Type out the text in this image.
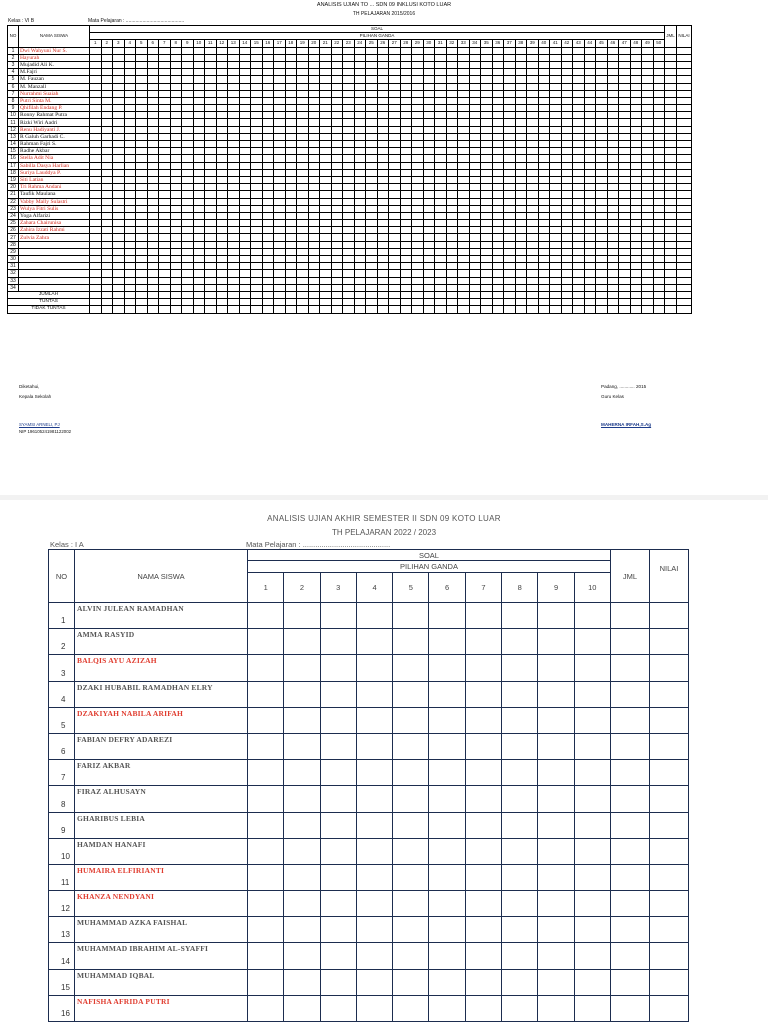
ANALISIS UJIAN TO ... SDN 09 INKLUSI KOTO LUAR
TH PELAJARAN 2015/2016
Kelas : VI B	Mata Pelajaran : ..........................................
NO	NAMA SISWA	SOAL																																																		JML	NILAI
		PILIHAN GANDA																																																			
		1	2	3	4	5	6	7	8	9	10	11	12	13	14	15	16	17	18	19	20	21	22	23	24	25	26	27	28	29	30	31	32	33	34	35	36	37	38	39	40	41	42	43	44	45	46	47	48	49	50		
1	Dwi Wahyuni Nur S.																																																				
2	Hayurah																																																				
3	Mujadid Ali K.																																																				
4	M.Fajri																																																				
5	M. Fauzan																																																				
6	M. Manzall																																																				
7	Nurrahmi Suaiah																																																				
8	Putri Sinta M.																																																				
9	Qhifilah Endang P.																																																				
10	Ronny Rahmat Putra																																																				
11	Rizki Wiri Aadri																																																				
12	Renu Hadiyanti J.																																																				
13	R Galuh Garhadi C.																																																				
14	Rahman Fajri S.																																																				
15	Radhe Akbar																																																				
16	Stella Adit Nia																																																				
17	Sabilla Dasya Harlian																																																				
18	Suriya Lauddya P.																																																				
19	Siti Latian																																																				
20	Tri Rahma Andani																																																				
21	Taufik Maulana																																																				
22	Vabby Mally Sulastri																																																				
23	Wulya Fitri Sulis																																																				
24	Yoga Alfarizi																																																				
25	Zahara Chairunisa																																																				
26	Zahira Izzati Rahmi																																																				
27	Zulvia Zahra																																																				
28																																																					
29																																																					
30																																																					
31																																																					
32																																																					
33																																																					
34																																																					
JUMLAH																																																					
TUNTAS																																																					
TIDAK TUNTAS																																																					
Diketahui,
Kepala Sekolah
SYAMSI ARNELI, PJ
NIP 196105241981122002
Padang, ............ 2015
Guru Kelas
MAHERNA IRFAH,S.Ag
ANALISIS UJIAN AKHIR SEMESTER II SDN 09 KOTO LUAR
TH PELAJARAN 2022 / 2023
Kelas : I A	Mata Pelajaran : ..........................................
NO	NAMA SISWA	SOAL										JML	NILAI
		PILIHAN GANDA											
		1	2	3	4	5	6	7	8	9	10		
1	ALVIN JULEAN RAMADHAN												
2	AMMA RASYID												
3	BALQIS AYU AZIZAH												
4	DZAKI HUBABIL RAMADHAN ELRY												
5	DZAKIYAH NABILA ARIFAH												
6	FABIAN DEFRY ADAREZI												
7	FARIZ AKBAR												
8	FIRAZ ALHUSAYN												
9	GHARIBUS LEBIA												
10	HAMDAN HANAFI												
11	HUMAIRA ELFIRIANTI												
12	KHANZA NENDYANI												
13	MUHAMMAD AZKA FAISHAL												
14	MUHAMMAD IBRAHIM AL-SYAFFI												
15	MUHAMMAD IQBAL												
16	NAFISHA AFRIDA PUTRI												
